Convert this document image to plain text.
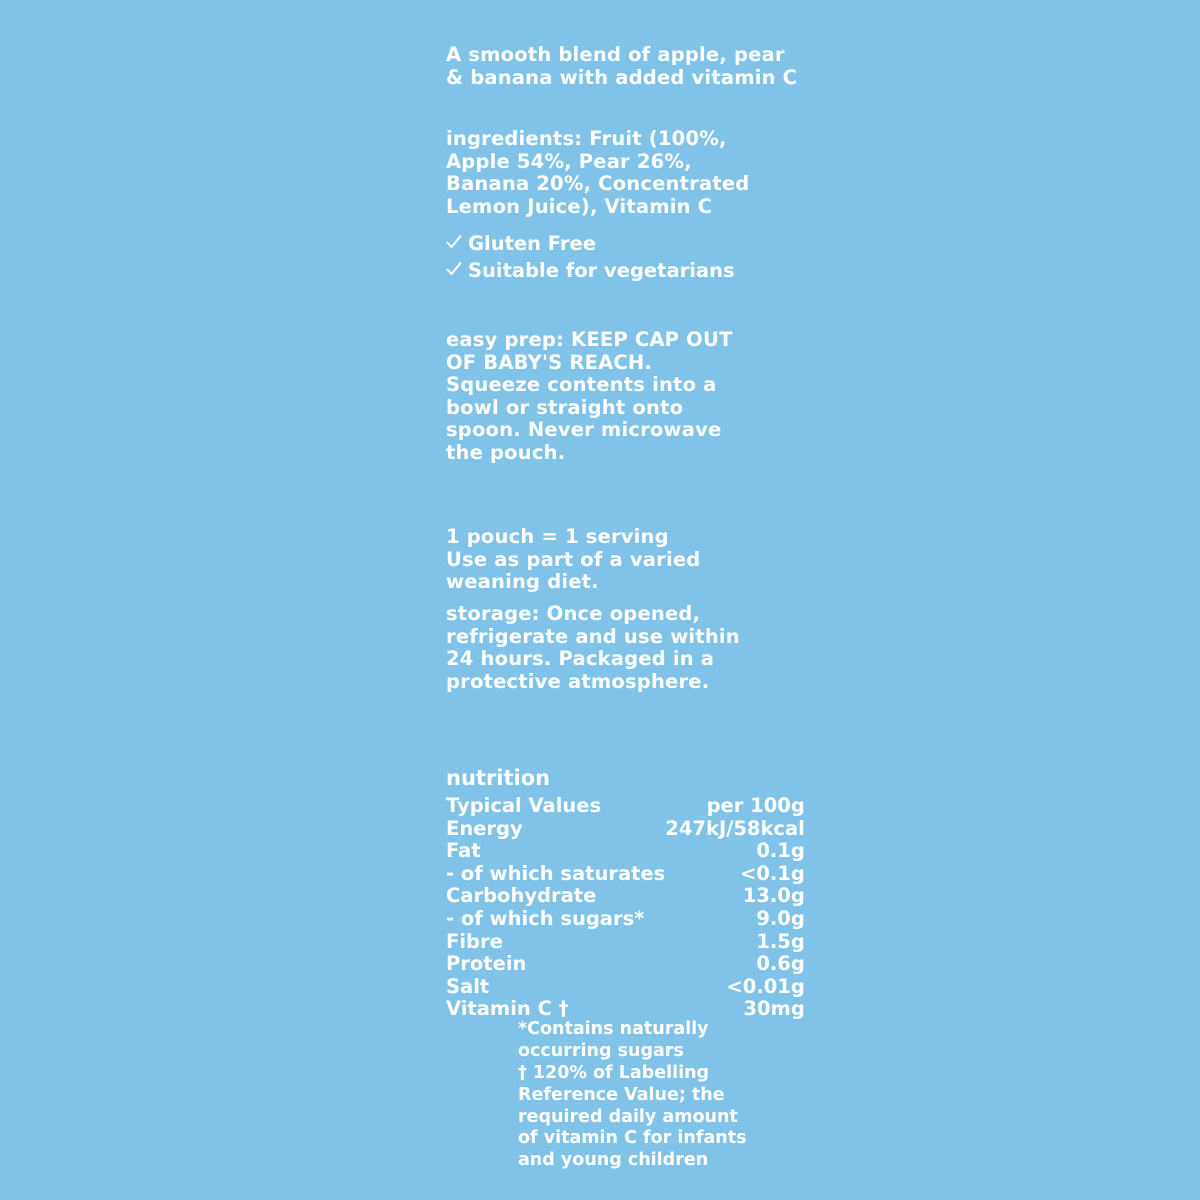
A smooth blend of apple, pear
& banana with added vitamin C
ingredients: Fruit (100%, Apple 54%, Pear 26%, Banana 20%, Concentrated Lemon Juice), Vitamin C
Gluten Free
Suitable for vegetarians
easy prep: KEEP CAP OUT OF BABY'S REACH. Squeeze contents into a bowl or straight onto spoon. Never microwave the pouch.
1 pouch = 1 serving
Use as part of a varied weaning diet.
storage: Once opened, refrigerate and use within 24 hours. Packaged in a protective atmosphere.
nutrition
Typical Values	per 100g
Energy	247kJ/58kcal
Fat	0.1g
- of which saturates	<0.1g
Carbohydrate	13.0g
- of which sugars*	9.0g
Fibre	1.5g
Protein	0.6g
Salt	<0.01g
Vitamin C †	30mg
*Contains naturally occurring sugars
† 120% of Labelling Reference Value; the required daily amount of vitamin C for infants and young children
